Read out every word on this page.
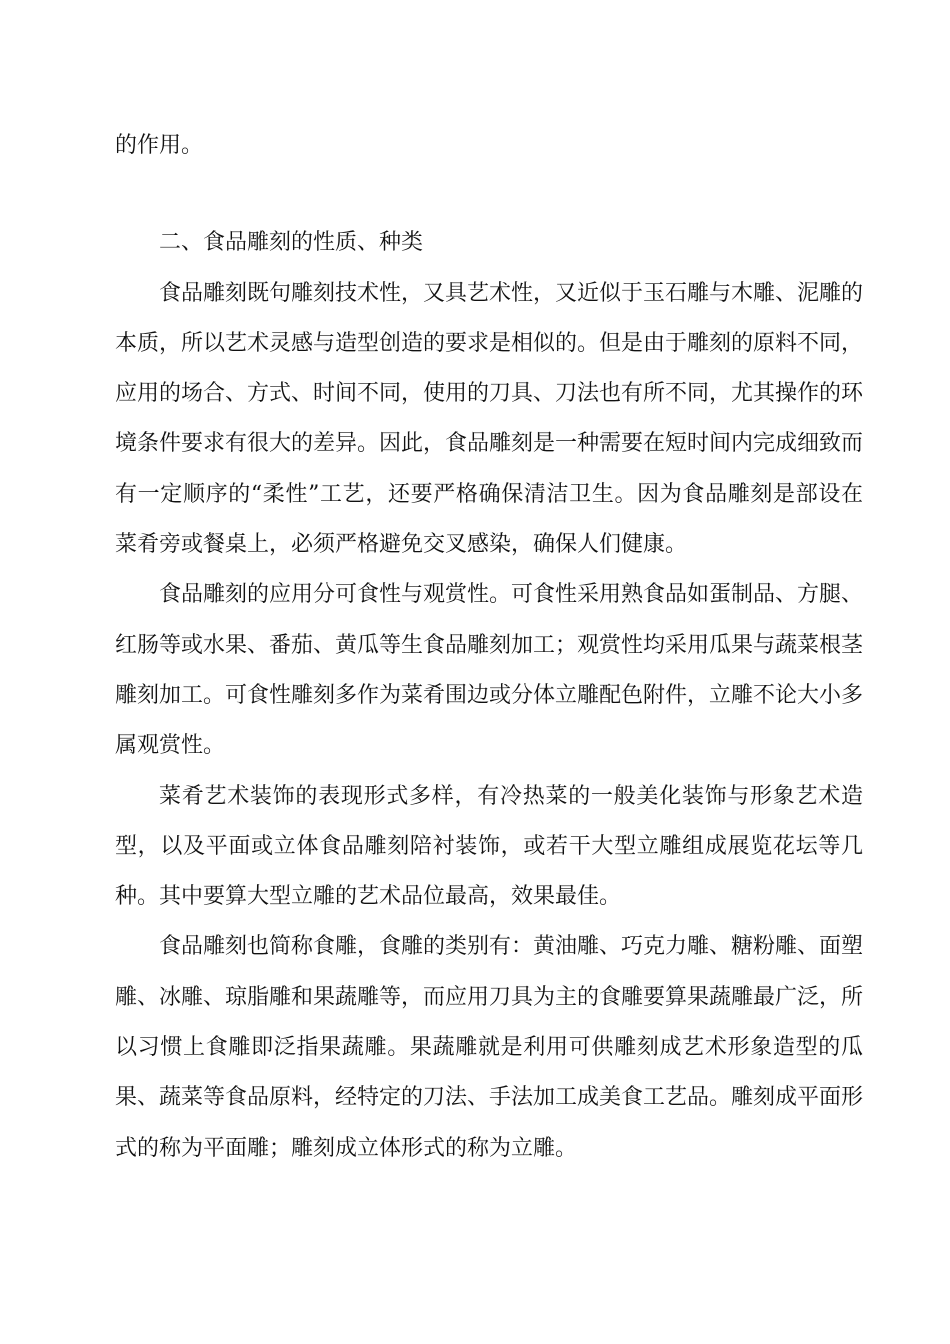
的作用。

二、食品雕刻的性质、种类

食品雕刻既句雕刻技术性，又具艺术性，又近似于玉石雕与木雕、泥雕的本质，所以艺术灵感与造型创造的要求是相似的。但是由于雕刻的原料不同，应用的场合、方式、时间不同，使用的刀具、刀法也有所不同，尤其操作的环境条件要求有很大的差异。因此，食品雕刻是一种需要在短时间内完成细致而有一定顺序的“柔性”工艺，还要严格确保清洁卫生。因为食品雕刻是部设在菜肴旁或餐桌上，必须严格避免交叉感染，确保人们健康。

食品雕刻的应用分可食性与观赏性。可食性采用熟食品如蛋制品、方腿、红肠等或水果、番茄、黄瓜等生食品雕刻加工；观赏性均采用瓜果与蔬菜根茎雕刻加工。可食性雕刻多作为菜肴围边或分体立雕配色附件，立雕不论大小多属观赏性。

菜肴艺术装饰的表现形式多样，有冷热菜的一般美化装饰与形象艺术造型，以及平面或立体食品雕刻陪衬装饰，或若干大型立雕组成展览花坛等几种。其中要算大型立雕的艺术品位最高，效果最佳。

食品雕刻也简称食雕，食雕的类别有：黄油雕、巧克力雕、糖粉雕、面塑雕、冰雕、琼脂雕和果蔬雕等，而应用刀具为主的食雕要算果蔬雕最广泛，所以习惯上食雕即泛指果蔬雕。果蔬雕就是利用可供雕刻成艺术形象造型的瓜果、蔬菜等食品原料，经特定的刀法、手法加工成美食工艺品。雕刻成平面形式的称为平面雕；雕刻成立体形式的称为立雕。
